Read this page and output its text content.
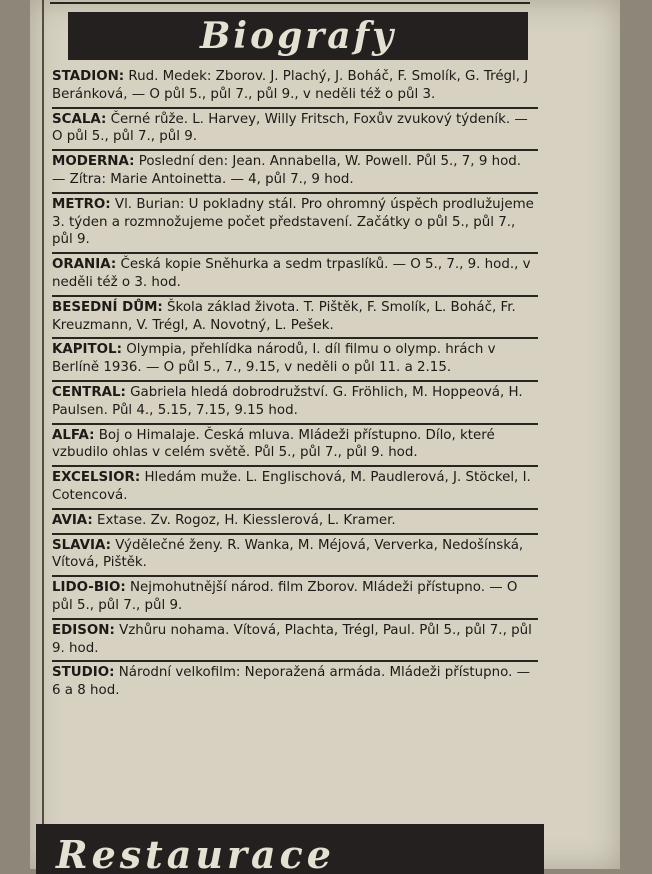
Biografy
STADION: Rud. Medek: Zborov. J. Plachý, J. Boháč, F. Smolík, G. Trégl, J Beránková, — O půl 5., půl 7., půl 9., v neděli též o půl 3.
SCALA: Černé růže. L. Harvey, Willy Fritsch, Foxův zvukový týdeník. — O půl 5., půl 7., půl 9.
MODERNA: Poslední den: Jean. Annabella, W. Powell. Půl 5., 7, 9 hod. — Zítra: Marie Antoinetta. — 4, půl 7., 9 hod.
METRO: Vl. Burian: U pokladny stál. Pro ohromný úspěch prodlužujeme 3. týden a rozmnožujeme počet představení. Začátky o půl 5., půl 7., půl 9.
ORANIA: Česká kopie Sněhurka a sedm trpaslíků. — O 5., 7., 9. hod., v neděli též o 3. hod.
BESEDNÍ DŮM: Škola základ života. T. Pištěk, F. Smolík, L. Boháč, Fr. Kreuzmann, V. Trégl, A. Novotný, L. Pešek.
KAPITOL: Olympia, přehlídka národů, I. díl filmu o olymp. hrách v Berlíně 1936. — O půl 5., 7., 9.15, v neděli o půl 11. a 2.15.
CENTRAL: Gabriela hledá dobrodružství. G. Fröhlich, M. Hoppeová, H. Paulsen. Půl 4., 5.15, 7.15, 9.15 hod.
ALFA: Boj o Himalaje. Česká mluva. Mládeži přístupno. Dílo, které vzbudilo ohlas v celém světě. Půl 5., půl 7., půl 9. hod.
EXCELSIOR: Hledám muže. L. Englischová, M. Paudlerová, J. Stöckel, I. Cotencová.
AVIA: Extase. Zv. Rogoz, H. Kiesslerová, L. Kramer.
SLAVIA: Výdělečné ženy. R. Wanka, M. Méjová, Ververka, Nedošínská, Vítová, Pištěk.
LIDO-BIO: Nejmohutnější národ. film Zborov. Mládeži přístupno. — O půl 5., půl 7., půl 9.
EDISON: Vzhůru nohama. Vítová, Plachta, Trégl, Paul. Půl 5., půl 7., půl 9. hod.
STUDIO: Národní velkofilm: Neporažená armáda. Mládeži přístupno. — 6 a 8 hod.
Restaurace
